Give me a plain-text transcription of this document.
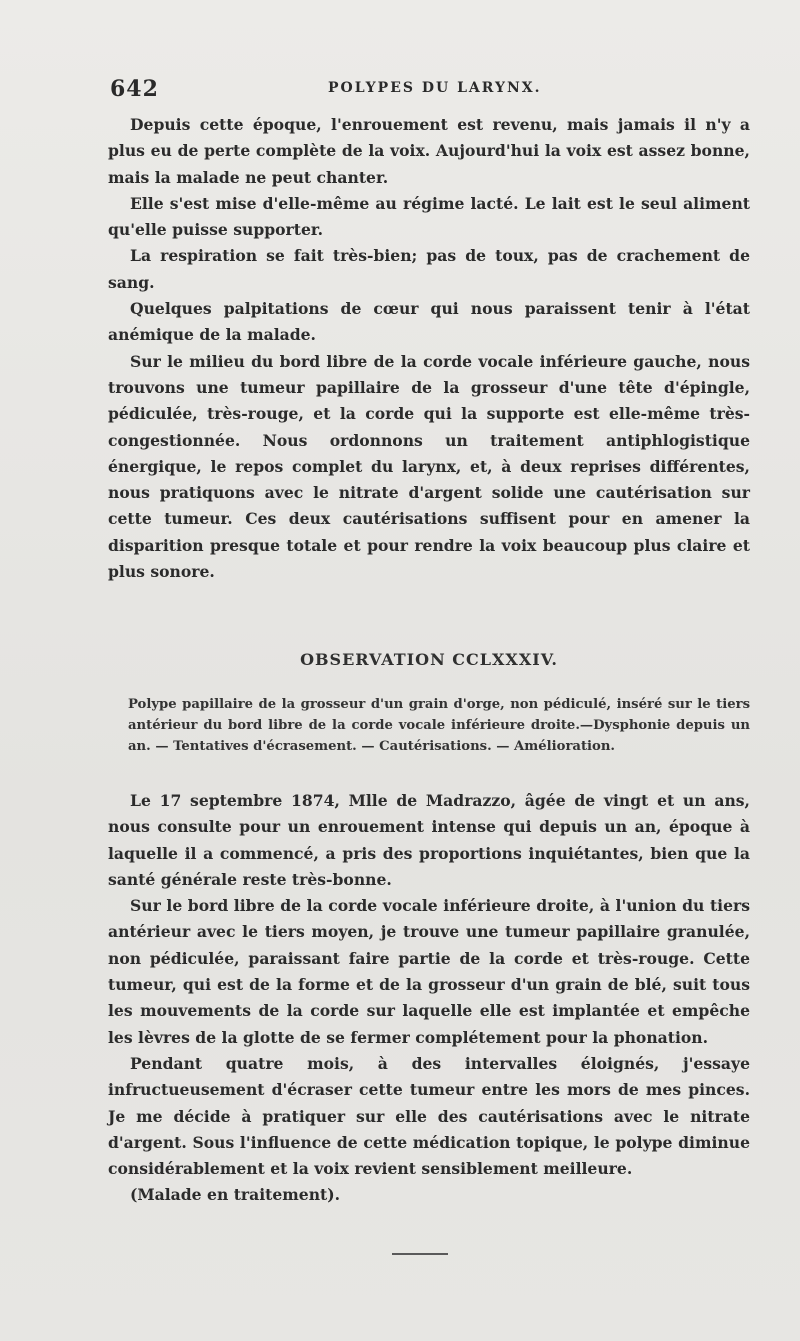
642	POLYPES DU LARYNX.

Depuis cette époque, l'enrouement est revenu, mais jamais il n'y a plus eu de perte complète de la voix. Aujourd'hui la voix est assez bonne, mais la malade ne peut chanter.

Elle s'est mise d'elle-même au régime lacté. Le lait est le seul aliment qu'elle puisse supporter.

La respiration se fait très-bien; pas de toux, pas de crachement de sang.

Quelques palpitations de cœur qui nous paraissent tenir à l'état anémique de la malade.

Sur le milieu du bord libre de la corde vocale inférieure gauche, nous trouvons une tumeur papillaire de la grosseur d'une tête d'épingle, pédiculée, très-rouge, et la corde qui la supporte est elle-même très-congestionnée. Nous ordonnons un traitement antiphlogistique énergique, le repos complet du larynx, et, à deux reprises différentes, nous pratiquons avec le nitrate d'argent solide une cautérisation sur cette tumeur. Ces deux cautérisations suffisent pour en amener la disparition presque totale et pour rendre la voix beaucoup plus claire et plus sonore.

OBSERVATION CCLXXXIV.

Polype papillaire de la grosseur d'un grain d'orge, non pédiculé, inséré sur le tiers antérieur du bord libre de la corde vocale inférieure droite.—Dysphonie depuis un an. — Tentatives d'écrasement. — Cautérisations. — Amélioration.

Le 17 septembre 1874, Mlle de Madrazzo, âgée de vingt et un ans, nous consulte pour un enrouement intense qui depuis un an, époque à laquelle il a commencé, a pris des proportions inquiétantes, bien que la santé générale reste très-bonne.

Sur le bord libre de la corde vocale inférieure droite, à l'union du tiers antérieur avec le tiers moyen, je trouve une tumeur papillaire granulée, non pédiculée, paraissant faire partie de la corde et très-rouge. Cette tumeur, qui est de la forme et de la grosseur d'un grain de blé, suit tous les mouvements de la corde sur laquelle elle est implantée et empêche les lèvres de la glotte de se fermer complétement pour la phonation.

Pendant quatre mois, à des intervalles éloignés, j'essaye infructueusement d'écraser cette tumeur entre les mors de mes pinces. Je me décide à pratiquer sur elle des cautérisations avec le nitrate d'argent. Sous l'influence de cette médication topique, le polype diminue considérablement et la voix revient sensiblement meilleure.

(Malade en traitement).
